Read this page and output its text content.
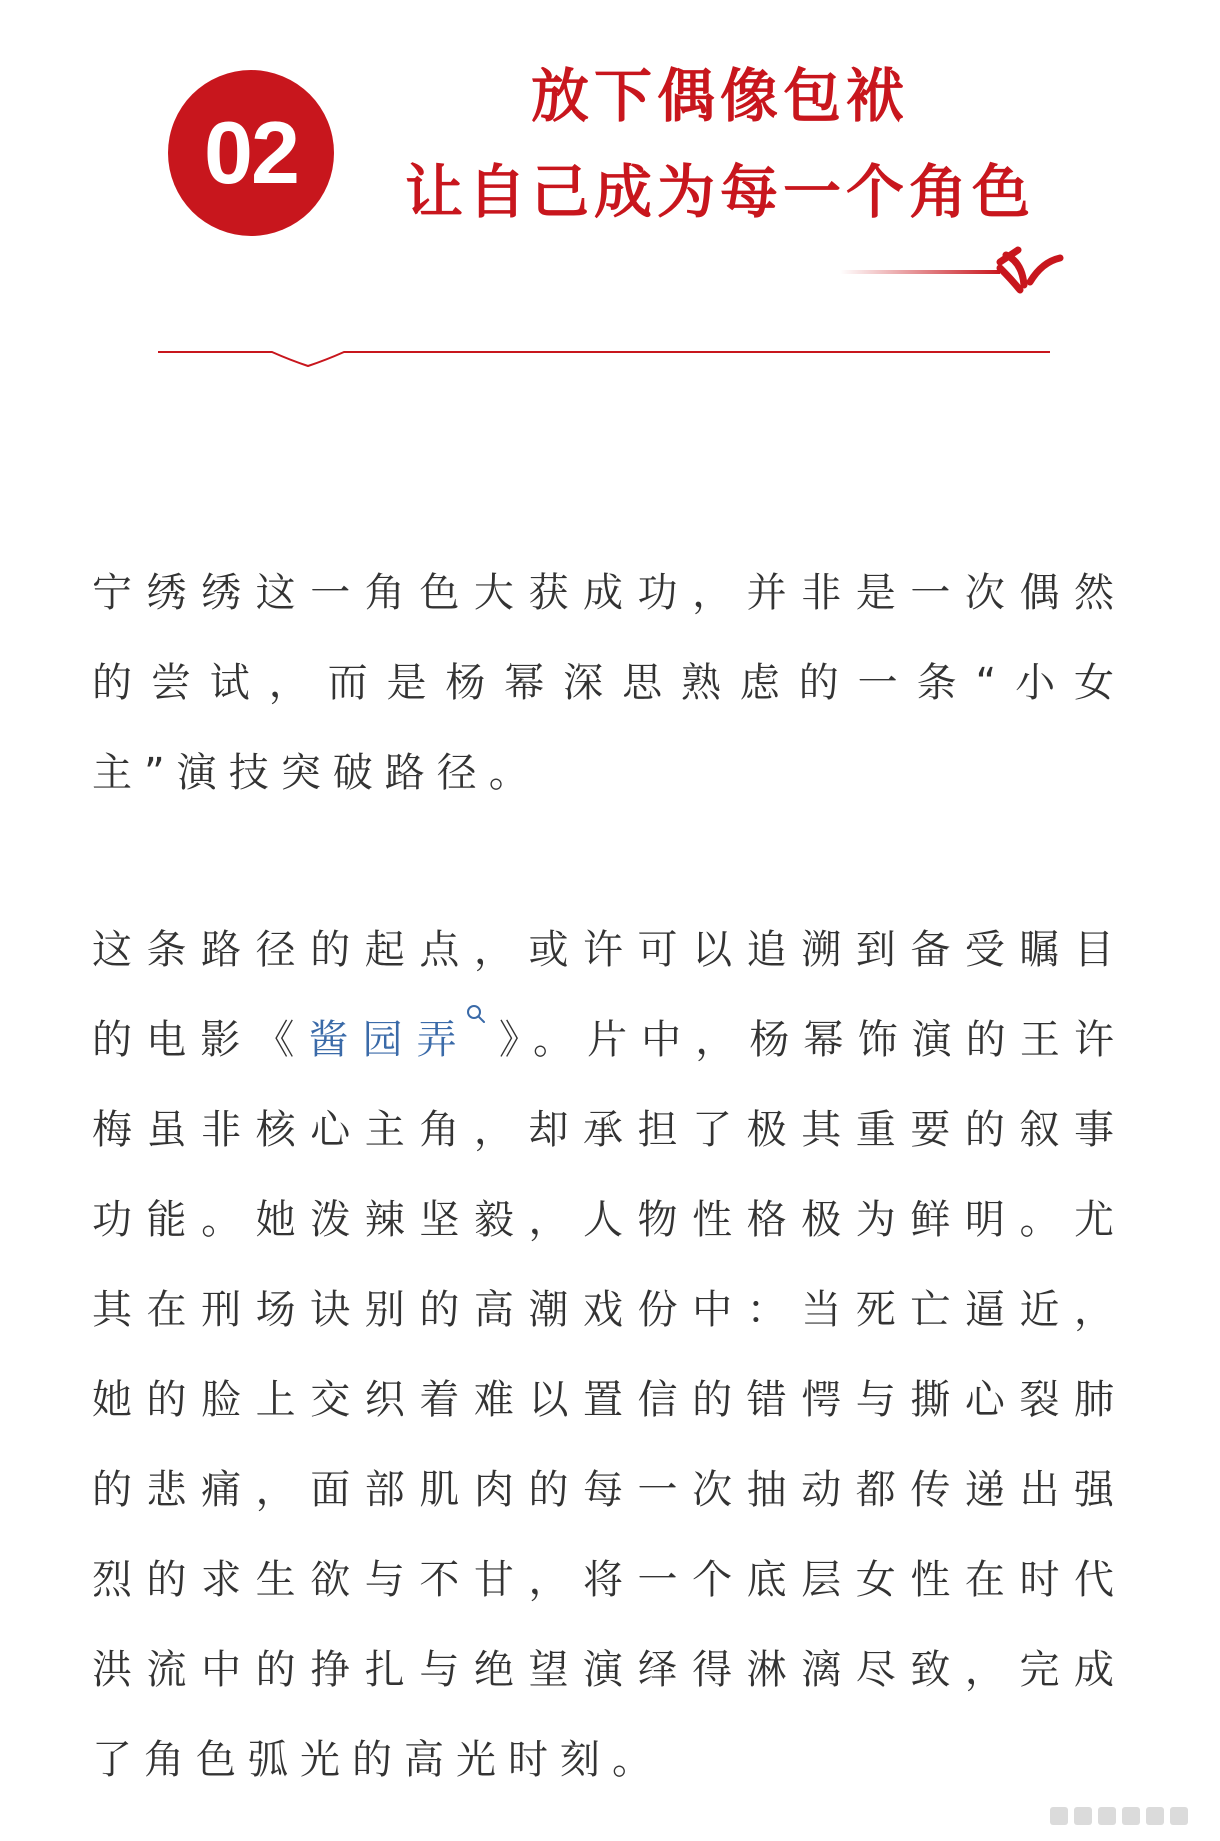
02
放下偶像包袱
让自己成为每一个角色

宁绣绣这一角色大获成功，并非是一次偶然的尝试，而是杨幂深思熟虑的一条“小女主”演技突破路径。

这条路径的起点，或许可以追溯到备受瞩目的电影《酱园弄 》。片中，杨幂饰演的王许梅虽非核心主角，却承担了极其重要的叙事功能。她泼辣坚毅，人物性格极为鲜明。尤其在刑场诀别的高潮戏份中：当死亡逼近，她的脸上交织着难以置信的错愕与撕心裂肺的悲痛，面部肌肉的每一次抽动都传递出强烈的求生欲与不甘，将一个底层女性在时代洪流中的挣扎与绝望演绎得淋漓尽致，完成了角色弧光的高光时刻。
